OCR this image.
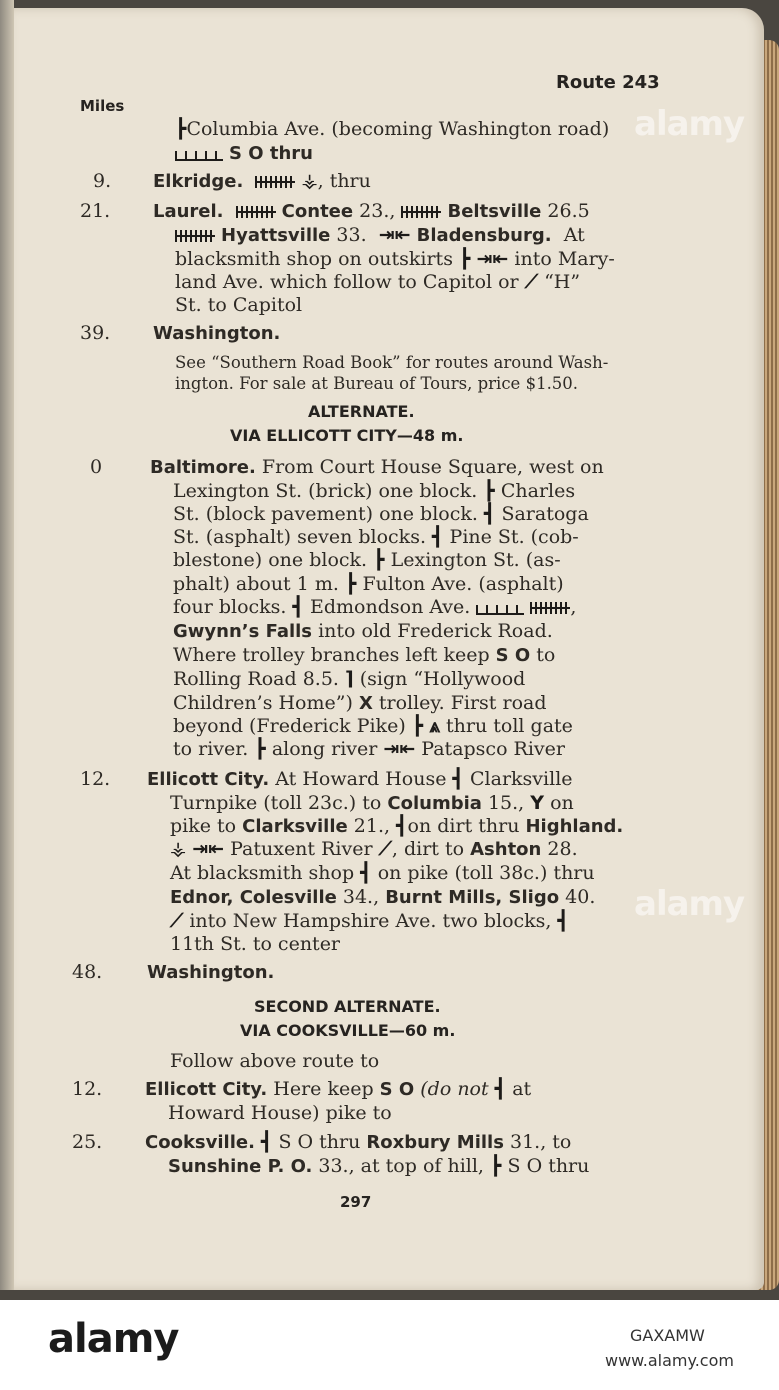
Route 243
Miles
┣Columbia Ave. (becoming Washington road)
S O thru
9. Elkridge.	⚶, thru
21. Laurel.	Contee 23.,	Beltsville 26.5
Hyattsville 33. ⇥⇤ Bladensburg. At
blacksmith shop on outskirts ┣ ⇥⇤ into Mary-
land Ave. which follow to Capitol or ⟋ “H”
St. to Capitol
39. Washington.
See “Southern Road Book” for routes around Wash-
ington. For sale at Bureau of Tours, price $1.50.
ALTERNATE.
VIA ELLICOTT CITY—48 m.
0	Baltimore. From Court House Square, west on
Lexington St. (brick) one block. ┣ Charles
St. (block pavement) one block. ┫ Saratoga
St. (asphalt) seven blocks. ┫ Pine St. (cob-
blestone) one block. ┣ Lexington St. (as-
phalt) about 1 m. ┣ Fulton Ave. (asphalt)
four blocks. ┫ Edmondson Ave.	,
Gwynn’s Falls into old Frederick Road.
Where trolley branches left keep S O to
Rolling Road 8.5. ⌉ (sign “Hollywood
Children’s Home”) X trolley. First road
beyond (Frederick Pike) ┣ ⩓ thru toll gate
to river. ┣ along river ⇥⇤ Patapsco River
12. Ellicott City. At Howard House ┫ Clarksville
Turnpike (toll 23c.) to Columbia 15., Y on
pike to Clarksville 21., ┫on dirt thru Highland.
⚶ ⇥⇤ Patuxent River ⟋, dirt to Ashton 28.
At blacksmith shop ┫ on pike (toll 38c.) thru
Ednor, Colesville 34., Burnt Mills, Sligo 40.
⟋ into New Hampshire Ave. two blocks, ┫
11th St. to center
48. Washington.
SECOND ALTERNATE.
VIA COOKSVILLE—60 m.
Follow above route to
12. Ellicott City. Here keep S O (do not ┫ at
Howard House) pike to
25. Cooksville. ┫ S O thru Roxbury Mills 31., to
Sunshine P. O. 33., at top of hill, ┣ S O thru
297
alamy
alamy
alamy	GAXAMW
www.alamy.com
